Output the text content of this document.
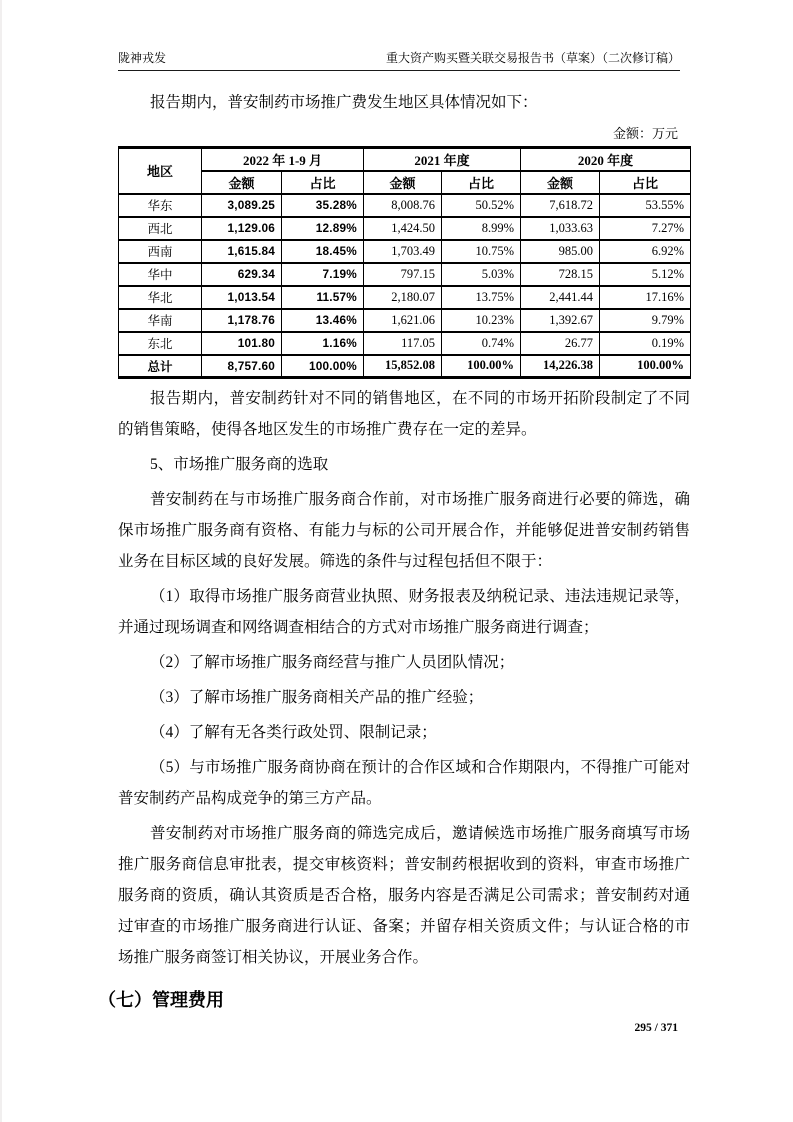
陇神戎发	重大资产购买暨关联交易报告书（草案）（二次修订稿）

报告期内，普安制药市场推广费发生地区具体情况如下：

金额：万元
地区	2022 年 1-9 月		2021 年度		2020 年度	
	金额	占比	金额	占比	金额	占比
华东	3,089.25	35.28%	8,008.76	50.52%	7,618.72	53.55%
西北	1,129.06	12.89%	1,424.50	8.99%	1,033.63	7.27%
西南	1,615.84	18.45%	1,703.49	10.75%	985.00	6.92%
华中	629.34	7.19%	797.15	5.03%	728.15	5.12%
华北	1,013.54	11.57%	2,180.07	13.75%	2,441.44	17.16%
华南	1,178.76	13.46%	1,621.06	10.23%	1,392.67	9.79%
东北	101.80	1.16%	117.05	0.74%	26.77	0.19%
总计	8,757.60	100.00%	15,852.08	100.00%	14,226.38	100.00%

报告期内，普安制药针对不同的销售地区，在不同的市场开拓阶段制定了不同的销售策略，使得各地区发生的市场推广费存在一定的差异。

5、市场推广服务商的选取

普安制药在与市场推广服务商合作前，对市场推广服务商进行必要的筛选，确保市场推广服务商有资格、有能力与标的公司开展合作，并能够促进普安制药销售业务在目标区域的良好发展。筛选的条件与过程包括但不限于：

（1）取得市场推广服务商营业执照、财务报表及纳税记录、违法违规记录等，并通过现场调查和网络调查相结合的方式对市场推广服务商进行调查；

（2）了解市场推广服务商经营与推广人员团队情况；

（3）了解市场推广服务商相关产品的推广经验；

（4）了解有无各类行政处罚、限制记录；

（5）与市场推广服务商协商在预计的合作区域和合作期限内，不得推广可能对普安制药产品构成竞争的第三方产品。

普安制药对市场推广服务商的筛选完成后，邀请候选市场推广服务商填写市场推广服务商信息审批表，提交审核资料；普安制药根据收到的资料，审查市场推广服务商的资质，确认其资质是否合格，服务内容是否满足公司需求；普安制药对通过审查的市场推广服务商进行认证、备案；并留存相关资质文件；与认证合格的市场推广服务商签订相关协议，开展业务合作。

（七）管理费用
295 / 371
